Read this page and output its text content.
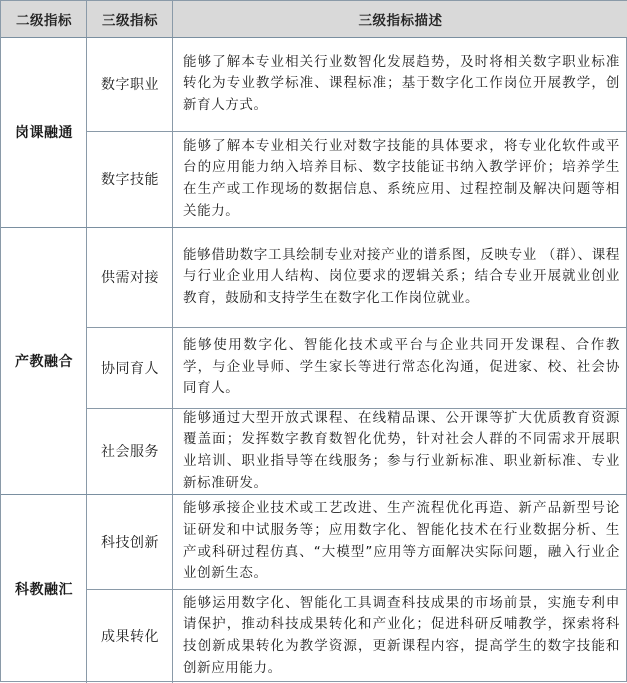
二级指标	三级指标	三级指标描述
岗课融通
产教融合
科教融汇
数字职业
数字技能
供需对接
协同育人
社会服务
科技创新
成果转化
能够了解本专业相关行业数智化发展趋势，及时将相关数字职业标准转化为专业教学标准、课程标准；基于数字化工作岗位开展教学，创新育人方式。
能够了解本专业相关行业对数字技能的具体要求，将专业化软件或平台的应用能力纳入培养目标、数字技能证书纳入教学评价；培养学生在生产或工作现场的数据信息、系统应用、过程控制及解决问题等相关能力。
能够借助数字工具绘制专业对接产业的谱系图，反映专业 （群）、课程与行业企业用人结构、岗位要求的逻辑关系；结合专业开展就业创业教育，鼓励和支持学生在数字化工作岗位就业。
能够使用数字化、智能化技术或平台与企业共同开发课程、合作教学，与企业导师、学生家长等进行常态化沟通，促进家、校、社会协同育人。
能够通过大型开放式课程、在线精品课、公开课等扩大优质教育资源覆盖面；发挥数字教育数智化优势，针对社会人群的不同需求开展职业培训、职业指导等在线服务；参与行业新标准、职业新标准、专业新标准研发。
能够承接企业技术或工艺改进、生产流程优化再造、新产品新型号论证研发和中试服务等；应用数字化、智能化技术在行业数据分析、生产或科研过程仿真、“大模型”应用等方面解决实际问题，融入行业企业创新生态。
能够运用数字化、智能化工具调查科技成果的市场前景，实施专利申请保护，推动科技成果转化和产业化；促进科研反哺教学，探索将科技创新成果转化为教学资源，更新课程内容，提高学生的数字技能和创新应用能力。
